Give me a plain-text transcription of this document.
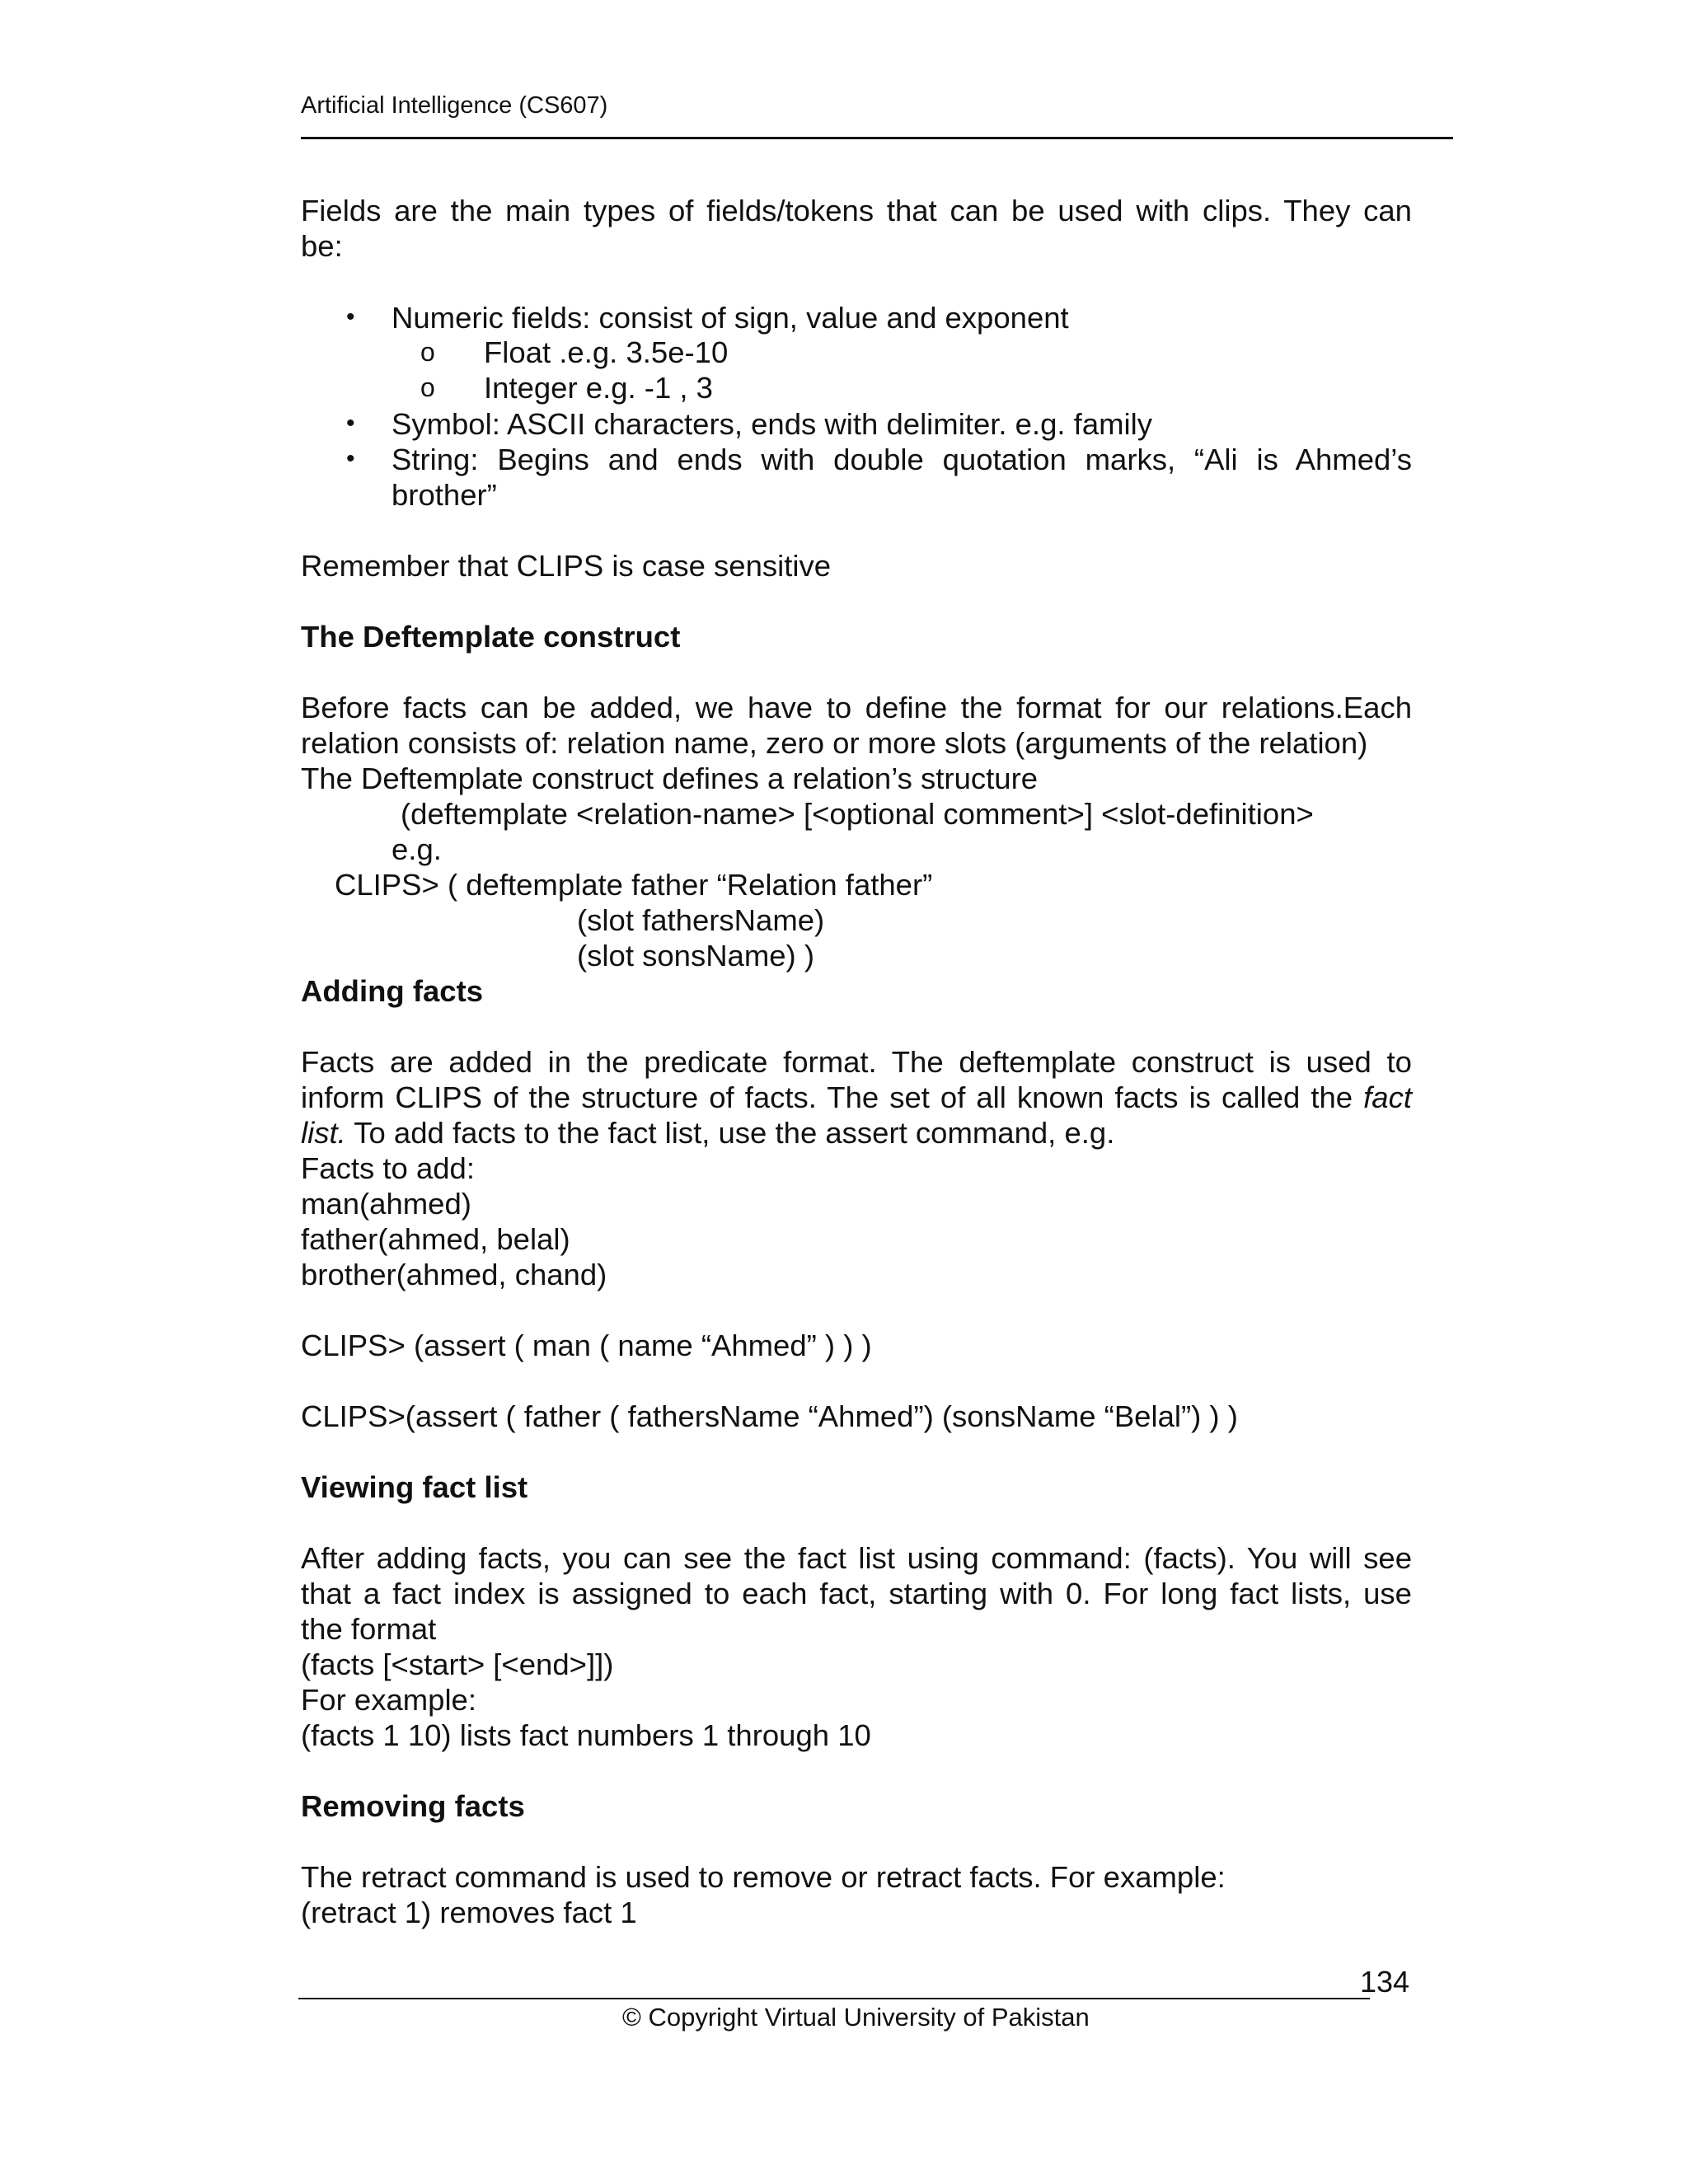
Artificial Intelligence (CS607)
Fields are the main types of fields/tokens that can be used with clips. They can
be:
• Numeric fields: consist of sign, value and exponent
o Float .e.g. 3.5e-10
o Integer e.g. -1 , 3
• Symbol: ASCII characters, ends with delimiter. e.g. family
• String: Begins and ends with double quotation marks, “Ali is Ahmed’s
brother”
Remember that CLIPS is case sensitive
The Deftemplate construct
Before facts can be added, we have to define the format for our relations.Each
relation consists of: relation name, zero or more slots (arguments of the relation)
The Deftemplate construct defines a relation’s structure
(deftemplate <relation-name> [<optional comment>] <slot-definition>
e.g.
CLIPS> ( deftemplate father “Relation father”
(slot fathersName)
(slot sonsName) )
Adding facts
Facts are added in the predicate format. The deftemplate construct is used to
inform CLIPS of the structure of facts. The set of all known facts is called the fact
list. To add facts to the fact list, use the assert command, e.g.
Facts to add:
man(ahmed)
father(ahmed, belal)
brother(ahmed, chand)
CLIPS> (assert ( man ( name “Ahmed” ) ) )
CLIPS>(assert ( father ( fathersName “Ahmed”) (sonsName “Belal”) ) )
Viewing fact list
After adding facts, you can see the fact list using command: (facts). You will see
that a fact index is assigned to each fact, starting with 0. For long fact lists, use
the format
(facts [<start> [<end>]])
For example:
(facts 1 10) lists fact numbers 1 through 10
Removing facts
The retract command is used to remove or retract facts. For example:
(retract 1) removes fact 1
134
© Copyright Virtual University of Pakistan
